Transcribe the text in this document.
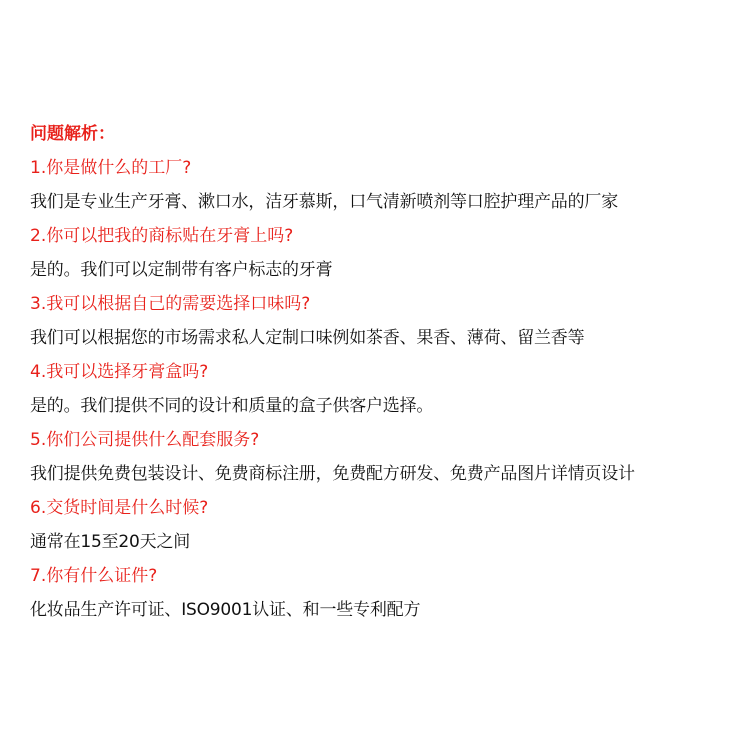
问题解析：
1.你是做什么的工厂?
我们是专业生产牙膏、漱口水，洁牙慕斯，口气清新喷剂等口腔护理产品的厂家
2.你可以把我的商标贴在牙膏上吗?
是的。我们可以定制带有客户标志的牙膏
3.我可以根据自己的需要选择口味吗?
我们可以根据您的市场需求私人定制口味例如茶香、果香、薄荷、留兰香等
4.我可以选择牙膏盒吗?
是的。我们提供不同的设计和质量的盒子供客户选择。
5.你们公司提供什么配套服务?
我们提供免费包装设计、免费商标注册，免费配方研发、免费产品图片详情页设计
6.交货时间是什么时候?
通常在15至20天之间
7.你有什么证件?
化妆品生产许可证、ISO9001认证、和一些专利配方
